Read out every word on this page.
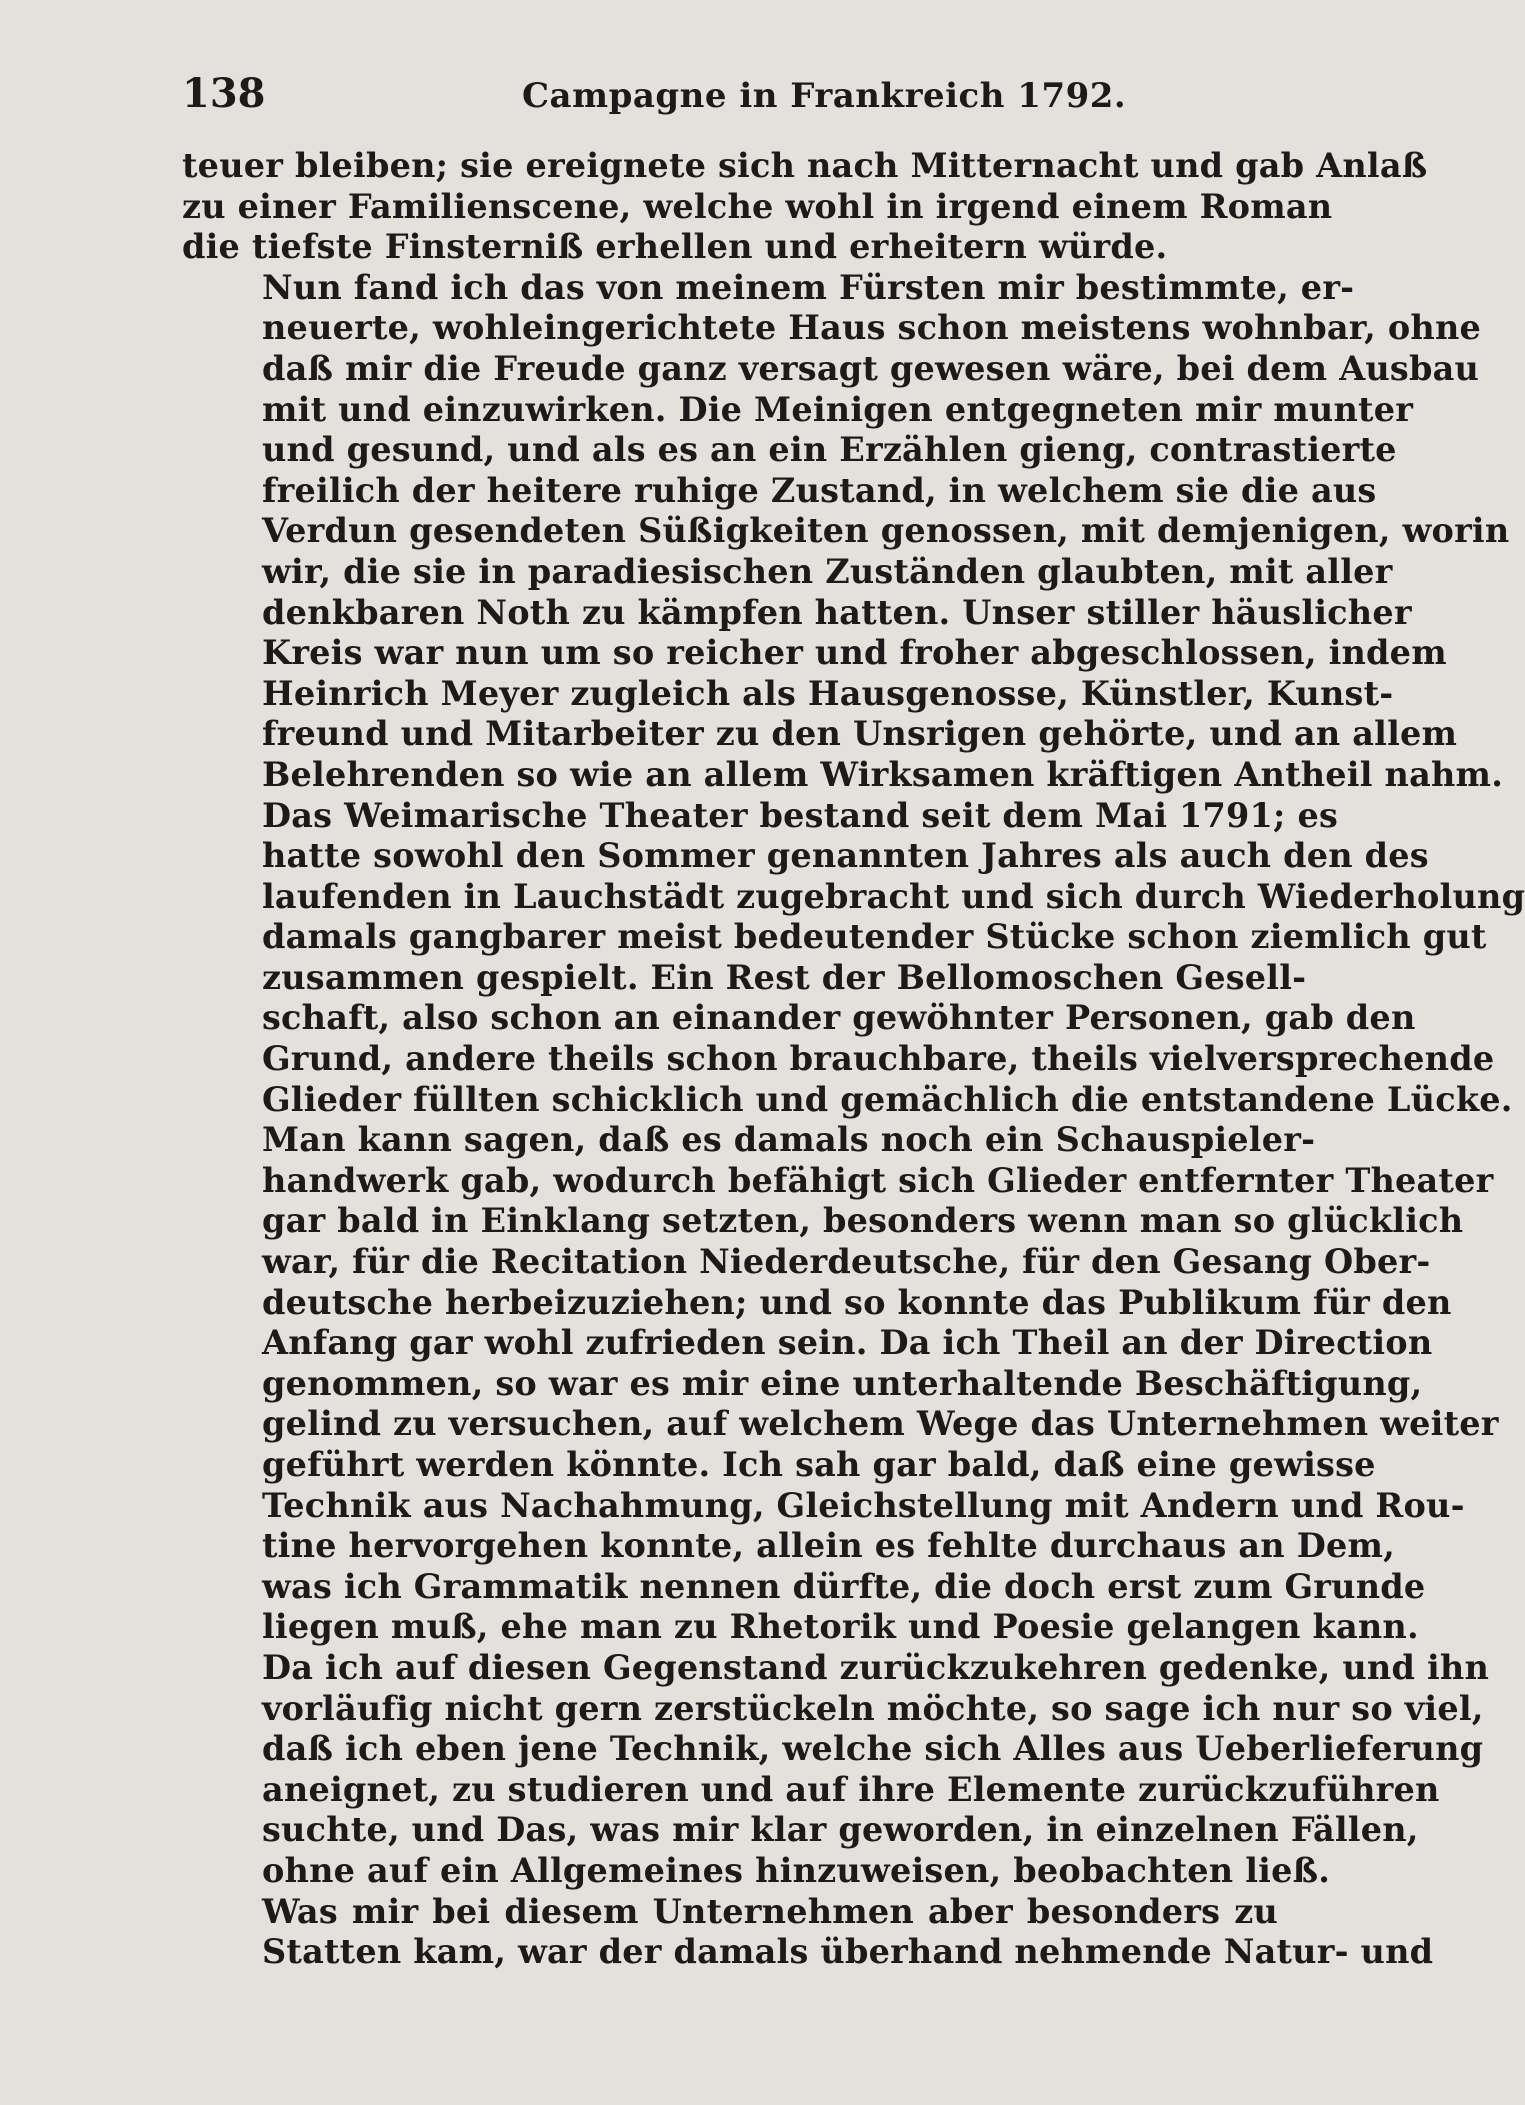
138	Campagne in Frankreich 1792.

teuer bleiben; sie ereignete sich nach Mitternacht und gab Anlaß
zu einer Familienscene, welche wohl in irgend einem Roman
die tiefste Finsterniß erhellen und erheitern würde.

Nun fand ich das von meinem Fürsten mir bestimmte, er-
neuerte, wohleingerichtete Haus schon meistens wohnbar, ohne
daß mir die Freude ganz versagt gewesen wäre, bei dem Ausbau
mit und einzuwirken. Die Meinigen entgegneten mir munter
und gesund, und als es an ein Erzählen gieng, contrastierte
freilich der heitere ruhige Zustand, in welchem sie die aus
Verdun gesendeten Süßigkeiten genossen, mit demjenigen, worin
wir, die sie in paradiesischen Zuständen glaubten, mit aller
denkbaren Noth zu kämpfen hatten. Unser stiller häuslicher
Kreis war nun um so reicher und froher abgeschlossen, indem
Heinrich Meyer zugleich als Hausgenosse, Künstler, Kunst-
freund und Mitarbeiter zu den Unsrigen gehörte, und an allem
Belehrenden so wie an allem Wirksamen kräftigen Antheil nahm.

Das Weimarische Theater bestand seit dem Mai 1791; es
hatte sowohl den Sommer genannten Jahres als auch den des
laufenden in Lauchstädt zugebracht und sich durch Wiederholung
damals gangbarer meist bedeutender Stücke schon ziemlich gut
zusammen gespielt. Ein Rest der Bellomoschen Gesell-
schaft, also schon an einander gewöhnter Personen, gab den
Grund, andere theils schon brauchbare, theils vielversprechende
Glieder füllten schicklich und gemächlich die entstandene Lücke.

Man kann sagen, daß es damals noch ein Schauspieler-
handwerk gab, wodurch befähigt sich Glieder entfernter Theater
gar bald in Einklang setzten, besonders wenn man so glücklich
war, für die Recitation Niederdeutsche, für den Gesang Ober-
deutsche herbeizuziehen; und so konnte das Publikum für den
Anfang gar wohl zufrieden sein. Da ich Theil an der Direction
genommen, so war es mir eine unterhaltende Beschäftigung,
gelind zu versuchen, auf welchem Wege das Unternehmen weiter
geführt werden könnte. Ich sah gar bald, daß eine gewisse
Technik aus Nachahmung, Gleichstellung mit Andern und Rou-
tine hervorgehen konnte, allein es fehlte durchaus an Dem,
was ich Grammatik nennen dürfte, die doch erst zum Grunde
liegen muß, ehe man zu Rhetorik und Poesie gelangen kann.
Da ich auf diesen Gegenstand zurückzukehren gedenke, und ihn
vorläufig nicht gern zerstückeln möchte, so sage ich nur so viel,
daß ich eben jene Technik, welche sich Alles aus Ueberlieferung
aneignet, zu studieren und auf ihre Elemente zurückzuführen
suchte, und Das, was mir klar geworden, in einzelnen Fällen,
ohne auf ein Allgemeines hinzuweisen, beobachten ließ.

Was mir bei diesem Unternehmen aber besonders zu
Statten kam, war der damals überhand nehmende Natur- und
